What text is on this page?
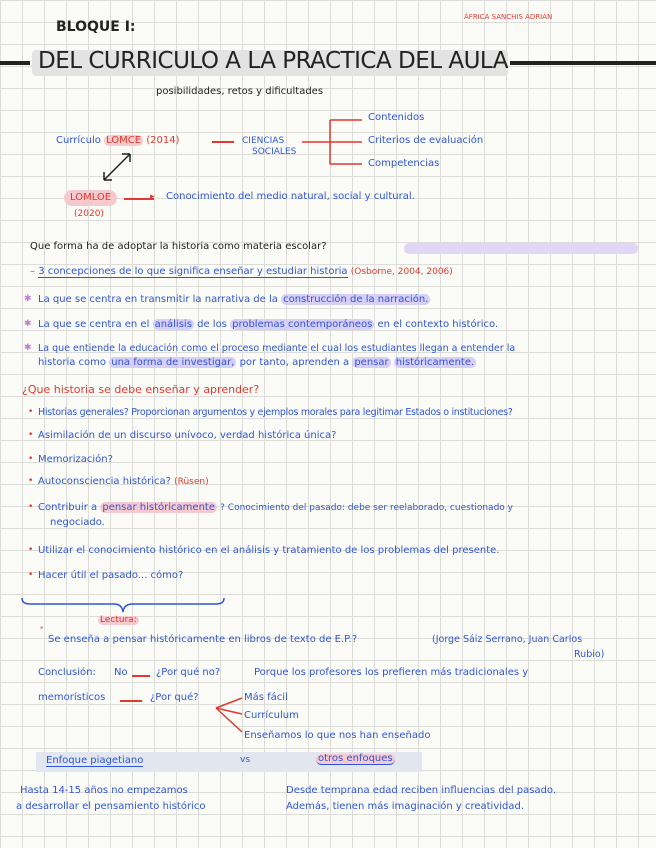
BLOQUE I:
ÁFRICA SANCHIS ADRIÁN
DEL CURRICULO A LA PRACTICA DEL AULA
posibilidades, retos y dificultades
Currículo LOMCE (2014)	CIENCIAS
SOCIALES
Contenidos
Criterios de evaluación
Competencias
LOMLOE
(2020)
▸ Conocimiento del medio natural, social y cultural.
Que forma ha de adoptar la historia como materia escolar?
– 3 concepciones de lo que significa enseñar y estudiar historia (Osborne, 2004, 2006)
✱ La que se centra en transmitir la narrativa de la construcción de la narración.
✱ La que se centra en el análisis de los problemas contemporáneos en el contexto histórico.
✱ La que entiende la educación como el proceso mediante el cual los estudiantes llegan a entender la
historia como una forma de investigar, por tanto, aprenden a pensar históricamente.
¿Que historia se debe enseñar y aprender?
• Historias generales? Proporcionan argumentos y ejemplos morales para legitimar Estados o instituciones?
• Asimilación de un discurso unívoco, verdad histórica única?
• Memorización?
• Autoconsciencia histórica? (Rüsen)
• Contribuir a pensar históricamente ? Conocimiento del pasado: debe ser reelaborado, cuestionado y
negociado.
• Utilizar el conocimiento histórico en el análisis y tratamiento de los problemas del presente.
• Hacer útil el pasado... cómo?
Lectura:
*
Se enseña a pensar históricamente en libros de texto de E.P.?	(Jorge Sáiz Serrano, Juan Carlos
Rubio)
Conclusión: No	¿Por qué no?	Porque los profesores los prefieren más tradicionales y
memorísticos	¿Por qué?	Más fácil
Currículum
Enseñamos lo que nos han enseñado
Enfoque piagetiano	vs	otros enfoques
Hasta 14-15 años no empezamos
a desarrollar el pensamiento histórico
Desde temprana edad reciben influencias del pasado.
Además, tienen más imaginación y creatividad.
